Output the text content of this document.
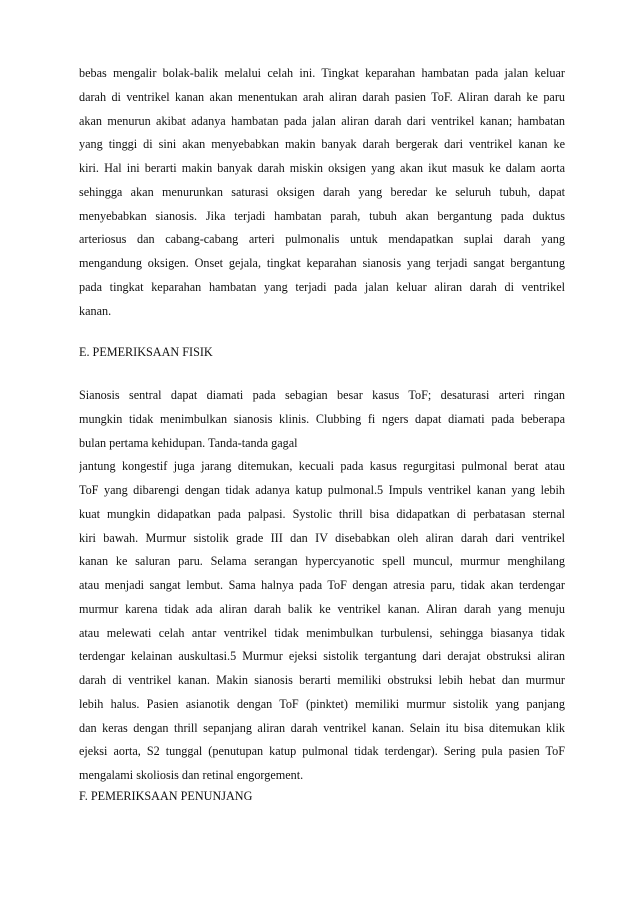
bebas mengalir bolak-balik melalui celah ini. Tingkat keparahan hambatan pada jalan keluar
darah di ventrikel kanan akan menentukan arah aliran darah pasien ToF. Aliran darah ke paru
akan menurun akibat adanya hambatan pada jalan aliran darah dari ventrikel kanan; hambatan
yang tinggi di sini akan menyebabkan makin banyak darah bergerak dari ventrikel kanan ke
kiri. Hal ini berarti makin banyak darah miskin oksigen yang akan ikut masuk ke dalam aorta
sehingga akan menurunkan saturasi oksigen darah yang beredar ke seluruh tubuh, dapat
menyebabkan sianosis. Jika terjadi hambatan parah, tubuh akan bergantung pada duktus
arteriosus dan cabang-cabang arteri pulmonalis untuk mendapatkan suplai darah yang
mengandung oksigen. Onset gejala, tingkat keparahan sianosis yang terjadi sangat bergantung
pada tingkat keparahan hambatan yang terjadi pada jalan keluar aliran darah di ventrikel
kanan.
E. PEMERIKSAAN FISIK
Sianosis sentral dapat diamati pada sebagian besar kasus ToF; desaturasi arteri ringan
mungkin tidak menimbulkan sianosis klinis. Clubbing fi ngers dapat diamati pada beberapa
bulan pertama kehidupan. Tanda-tanda gagal
jantung kongestif juga jarang ditemukan, kecuali pada kasus regurgitasi pulmonal berat atau
ToF yang dibarengi dengan tidak adanya katup pulmonal.5 Impuls ventrikel kanan yang lebih
kuat mungkin didapatkan pada palpasi. Systolic thrill bisa didapatkan di perbatasan sternal
kiri bawah. Murmur sistolik grade III dan IV disebabkan oleh aliran darah dari ventrikel
kanan ke saluran paru. Selama serangan hypercyanotic spell muncul, murmur menghilang
atau menjadi sangat lembut. Sama halnya pada ToF dengan atresia paru, tidak akan terdengar
murmur karena tidak ada aliran darah balik ke ventrikel kanan. Aliran darah yang menuju
atau melewati celah antar ventrikel tidak menimbulkan turbulensi, sehingga biasanya tidak
terdengar kelainan auskultasi.5 Murmur ejeksi sistolik tergantung dari derajat obstruksi aliran
darah di ventrikel kanan. Makin sianosis berarti memiliki obstruksi lebih hebat dan murmur
lebih halus. Pasien asianotik dengan ToF (pinktet) memiliki murmur sistolik yang panjang
dan keras dengan thrill sepanjang aliran darah ventrikel kanan. Selain itu bisa ditemukan klik
ejeksi aorta, S2 tunggal (penutupan katup pulmonal tidak terdengar). Sering pula pasien ToF
mengalami skoliosis dan retinal engorgement.
F. PEMERIKSAAN PENUNJANG
